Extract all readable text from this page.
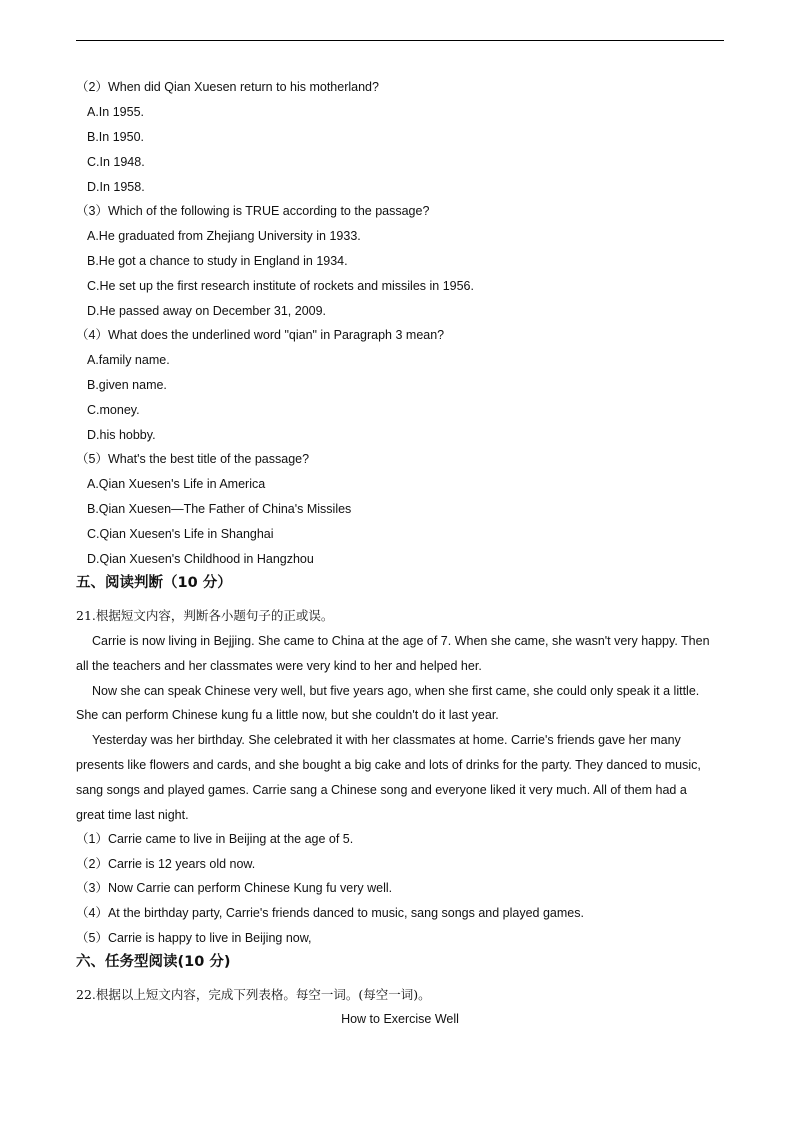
（2）When did Qian Xuesen return to his motherland?
A.In 1955.
B.In 1950.
C.In 1948.
D.In 1958.
（3）Which of the following is TRUE according to the passage?
A.He graduated from Zhejiang University in 1933.
B.He got a chance to study in England in 1934.
C.He set up the first research institute of rockets and missiles in 1956.
D.He passed away on December 31, 2009.
（4）What does the underlined word "qian" in Paragraph 3 mean?
A.family name.
B.given name.
C.money.
D.his hobby.
（5）What's the best title of the passage?
A.Qian Xuesen's Life in America
B.Qian Xuesen—The Father of China's Missiles
C.Qian Xuesen's Life in Shanghai
D.Qian Xuesen's Childhood in Hangzhou
五、阅读判断（10 分）
21.根据短文内容，判断各小题句子的正或误。
Carrie is now living in Bejjing. She came to China at the age of 7. When she came, she wasn't very happy. Then
all the teachers and her classmates were very kind to her and helped her.
Now she can speak Chinese very well, but five years ago, when she first came, she could only speak it a little.
She can perform Chinese kung fu a little now, but she couldn't do it last year.
Yesterday was her birthday. She celebrated it with her classmates at home. Carrie's friends gave her many
presents like flowers and cards, and she bought a big cake and lots of drinks for the party. They danced to music,
sang songs and played games. Carrie sang a Chinese song and everyone liked it very much. All of them had a
great time last night.
（1）Carrie came to live in Beijing at the age of 5.
（2）Carrie is 12 years old now.
（3）Now Carrie can perform Chinese Kung fu very well.
（4）At the birthday party, Carrie's friends danced to music, sang songs and played games.
（5）Carrie is happy to live in Beijing now,
六、任务型阅读(10 分)
22.根据以上短文内容，完成下列表格。每空一词。(每空一词)。
How to Exercise Well
